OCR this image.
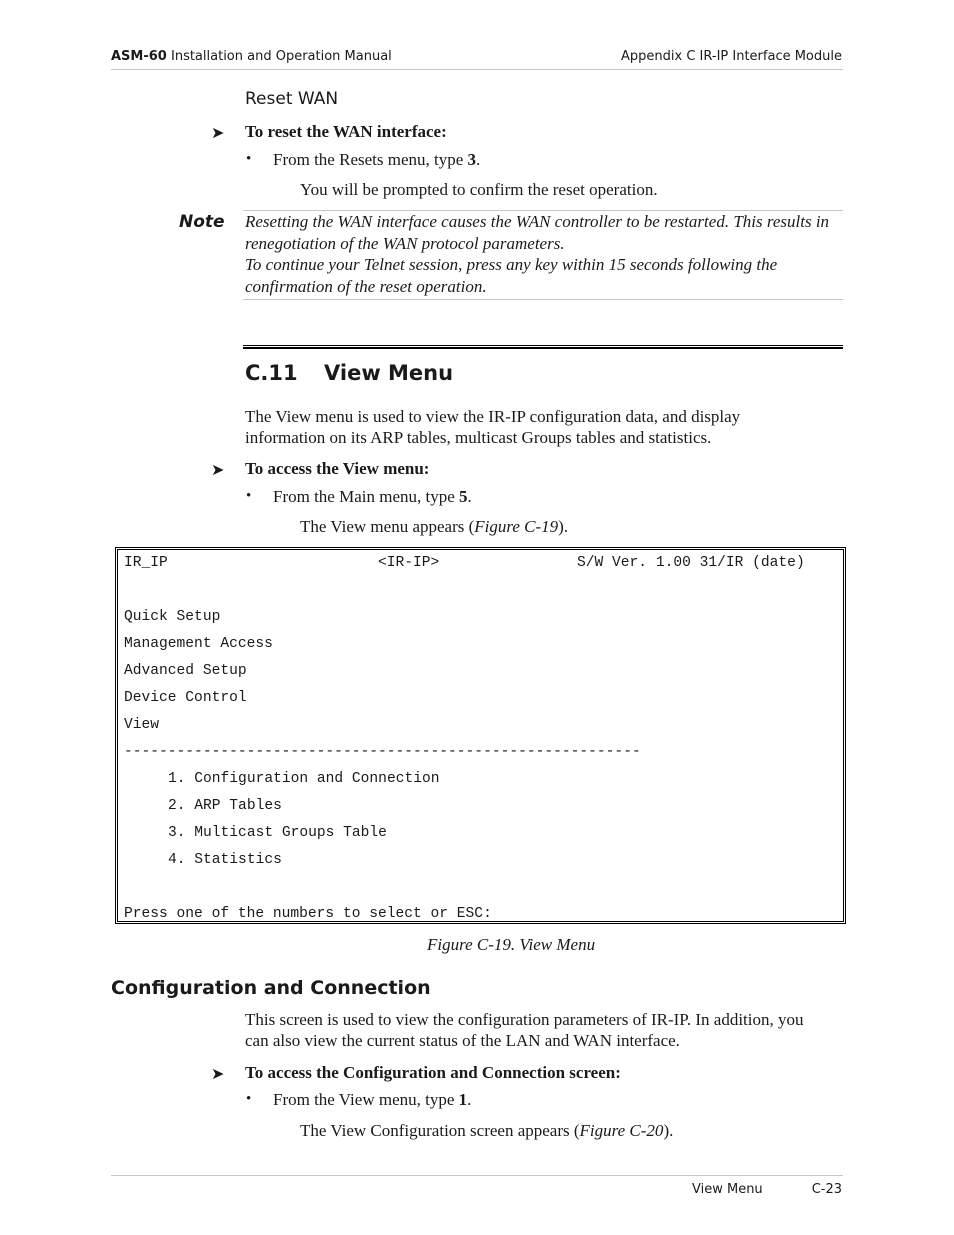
ASM-60 Installation and Operation Manual	Appendix C IR-IP Interface Module
Reset WAN
➤ To reset the WAN interface:
• From the Resets menu, type 3.
You will be prompted to confirm the reset operation.
Note Resetting the WAN interface causes the WAN controller to be restarted. This results in renegotiation of the WAN protocol parameters.
To continue your Telnet session, press any key within 15 seconds following the confirmation of the reset operation.
C.11 View Menu
The View menu is used to view the IR-IP configuration data, and display
information on its ARP tables, multicast Groups tables and statistics.
➤ To access the View menu:
• From the Main menu, type 5.
The View menu appears (Figure C-19).
IR_IP	<IR-IP>	S/W Ver. 1.00 31/IR (date)
Quick Setup
Management Access
Advanced Setup
Device Control
View
-----------------------------------------------------------
1. Configuration and Connection
2. ARP Tables
3. Multicast Groups Table
4. Statistics
Press one of the numbers to select or ESC:
Figure C-19. View Menu
Configuration and Connection
This screen is used to view the configuration parameters of IR-IP. In addition, you
can also view the current status of the LAN and WAN interface.
➤ To access the Configuration and Connection screen:
• From the View menu, type 1.
The View Configuration screen appears (Figure C-20).
View Menu	C-23
